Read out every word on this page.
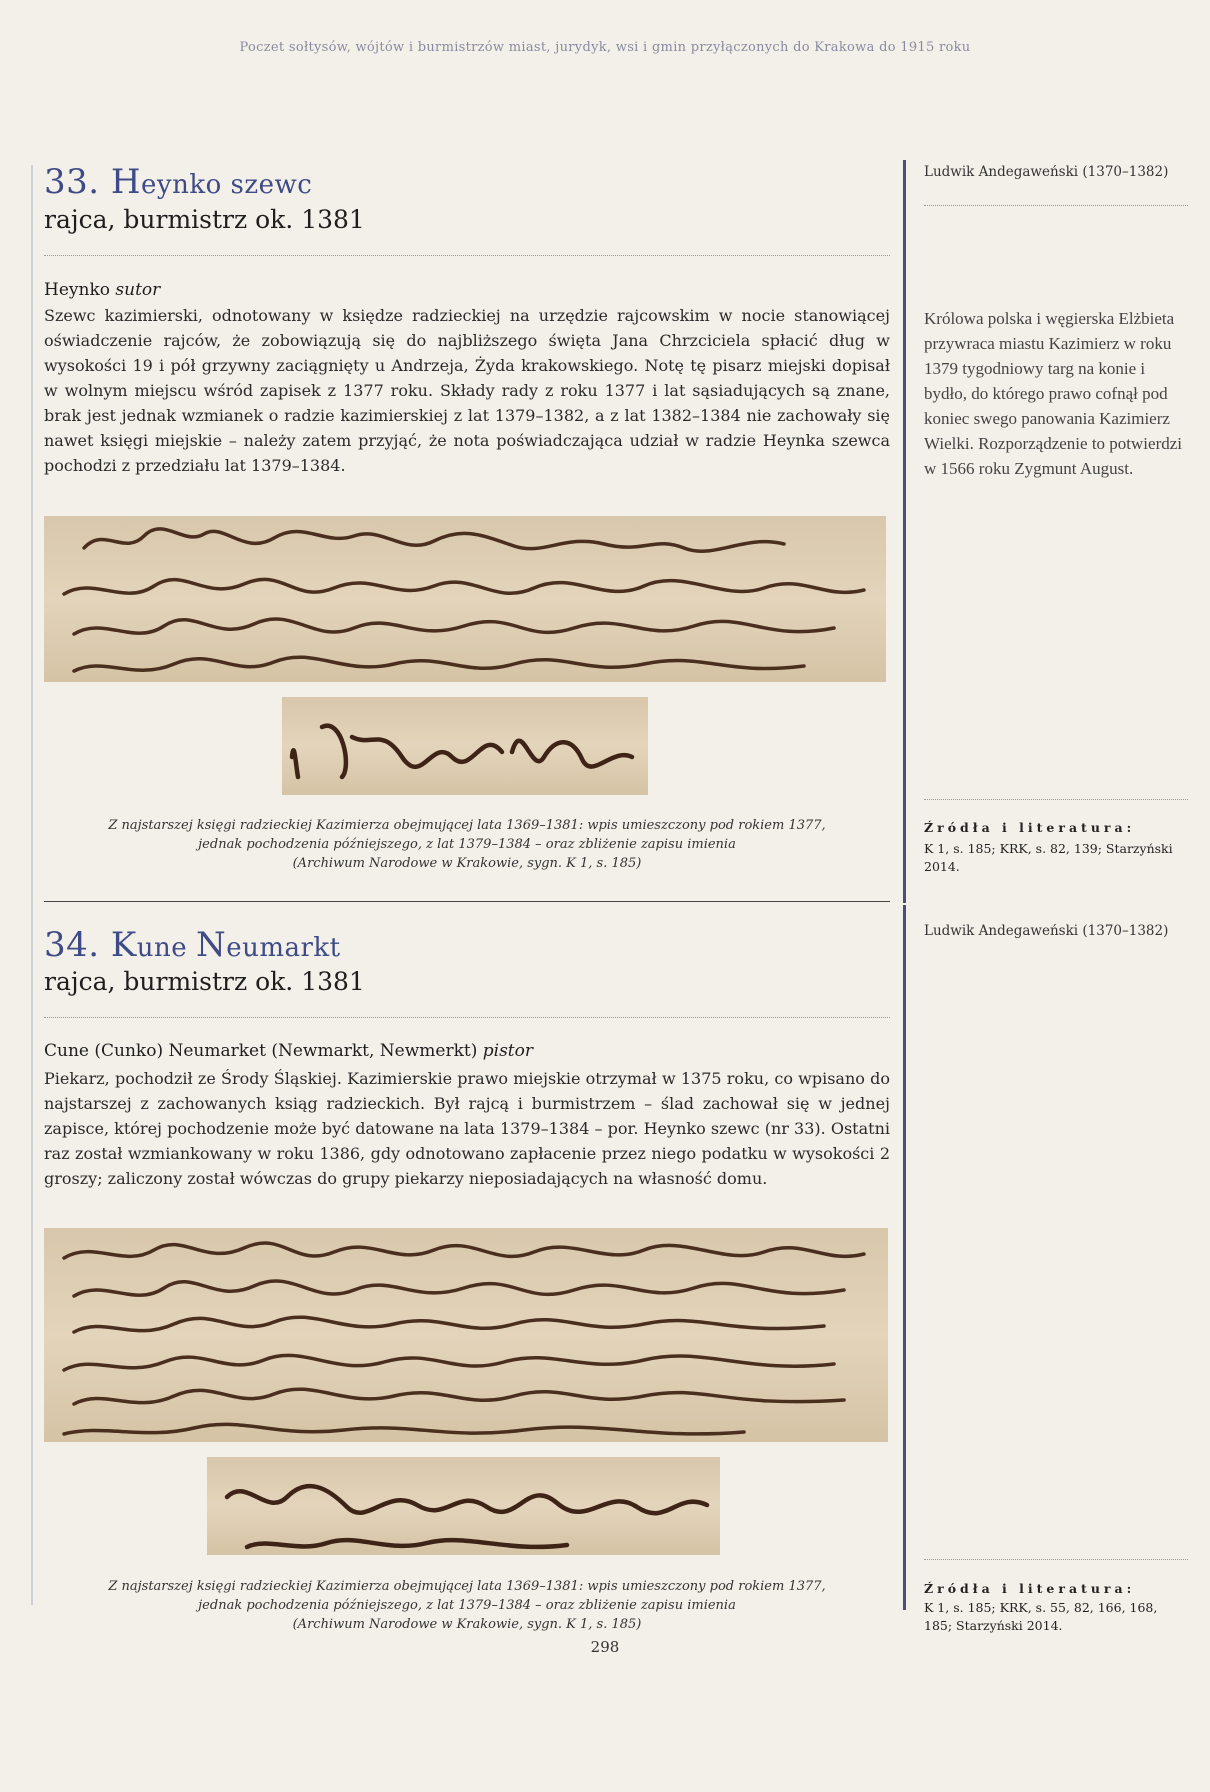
Poczet sołtysów, wójtów i burmistrzów miast, jurydyk, wsi i gmin przyłączonych do Krakowa do 1915 roku
33. Heynko szewc
rajca, burmistrz ok. 1381
Heynko sutor
Szewc kazimierski, odnotowany w księdze radzieckiej na urzędzie rajcowskim w nocie stanowiącej oświadczenie rajców, że zobowiązują się do najbliższego święta Jana Chrzciciela spłacić dług w wysokości 19 i pół grzywny zaciągnięty u Andrzeja, Żyda krakowskiego. Notę tę pisarz miejski dopisał w wolnym miejscu wśród zapisek z 1377 roku. Składy rady z roku 1377 i lat sąsiadujących są znane, brak jest jednak wzmianek o radzie kazimierskiej z lat 1379–1382, a z lat 1382–1384 nie zachowały się nawet księgi miejskie – należy zatem przyjąć, że nota poświadczająca udział w radzie Heynka szewca pochodzi z przedziału lat 1379–1384.
Z najstarszej księgi radzieckiej Kazimierza obejmującej lata 1369–1381: wpis umieszczony pod rokiem 1377,
jednak pochodzenia późniejszego, z lat 1379–1384 – oraz zbliżenie zapisu imienia
(Archiwum Narodowe w Krakowie, sygn. K 1, s. 185)
Ludwik Andegaweński (1370–1382)
Królowa polska i węgierska Elżbieta przywraca miastu Kazimierz w roku 1379 tygodniowy targ na konie i bydło, do którego prawo cofnął pod koniec swego panowania Kazimierz Wielki. Rozporządzenie to potwierdzi w 1566 roku Zygmunt August.
Źródła i literatura:
K 1, s. 185; KRK, s. 82, 139; Starzyński 2014.
34. Kune Neumarkt
rajca, burmistrz ok. 1381
Cune (Cunko) Neumarket (Newmarkt, Newmerkt) pistor
Piekarz, pochodził ze Środy Śląskiej. Kazimierskie prawo miejskie otrzymał w 1375 roku, co wpisano do najstarszej z zachowanych ksiąg radzieckich. Był rajcą i burmistrzem – ślad zachował się w jednej zapisce, której pochodzenie może być datowane na lata 1379–1384 – por. Heynko szewc (nr 33). Ostatni raz został wzmiankowany w roku 1386, gdy odnotowano zapłacenie przez niego podatku w wysokości 2 groszy; zaliczony został wówczas do grupy piekarzy nieposiadających na własność domu.
Z najstarszej księgi radzieckiej Kazimierza obejmującej lata 1369–1381: wpis umieszczony pod rokiem 1377,
jednak pochodzenia późniejszego, z lat 1379–1384 – oraz zbliżenie zapisu imienia
(Archiwum Narodowe w Krakowie, sygn. K 1, s. 185)
Ludwik Andegaweński (1370–1382)
Źródła i literatura:
K 1, s. 185; KRK, s. 55, 82, 166, 168, 185; Starzyński 2014.
298
